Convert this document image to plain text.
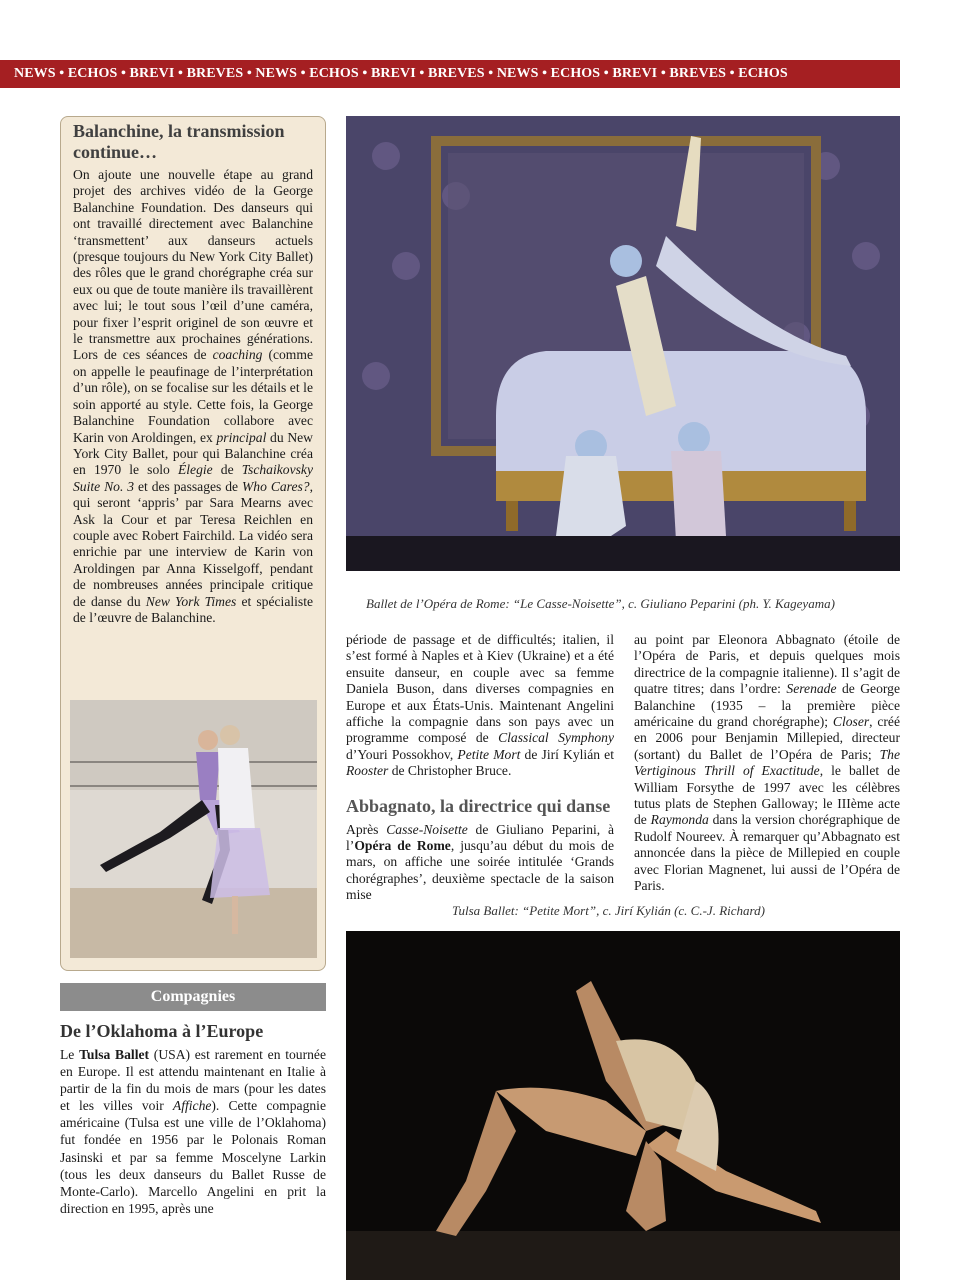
NEWS • ECHOS • BREVI • BREVES • NEWS • ECHOS • BREVI • BREVES • NEWS • ECHOS • BREVI • BREVES • ECHOS
Balanchine, la transmission continue…
On ajoute une nouvelle étape au grand projet des archives vidéo de la George Balanchine Foundation. Des danseurs qui ont travaillé directement avec Balanchine ‘transmettent’ aux danseurs actuels (presque toujours du New York City Ballet) des rôles que le grand chorégraphe créa sur eux ou que de toute manière ils travaillèrent avec lui; le tout sous l’œil d’une caméra, pour fixer l’esprit originel de son œuvre et le transmettre aux prochaines générations. Lors de ces séances de coaching (comme on appelle le peaufinage de l’interprétation d’un rôle), on se focalise sur les détails et le soin apporté au style. Cette fois, la George Balanchine Foundation collabore avec Karin von Aroldingen, ex principal du New York City Ballet, pour qui Balanchine créa en 1970 le solo Élegie de Tschaikovsky Suite No. 3 et des passages de Who Cares?, qui seront ‘appris’ par Sara Mearns avec Ask la Cour et par Teresa Reichlen en couple avec Robert Fairchild. La vidéo sera enrichie par une interview de Karin von Aroldingen par Anna Kisselgoff, pendant de nombreuses années principale critique de danse du New York Times et spécialiste de l’œuvre de Balanchine.
Compagnies
De l’Oklahoma à l’Europe
Le Tulsa Ballet (USA) est rarement en tournée en Europe. Il est attendu maintenant en Italie à partir de la fin du mois de mars (pour les dates et les villes voir Affiche). Cette compagnie américaine (Tulsa est une ville de l’Oklahoma) fut fondée en 1956 par le Polonais Roman Jasinski et par sa femme Moscelyne Larkin (tous les deux danseurs du Ballet Russe de Monte-Carlo). Marcello Angelini en prit la direction en 1995, après une
Ballet de l’Opéra de Rome: “Le Casse-Noisette”, c. Giuliano Peparini (ph. Y. Kageyama)
période de passage et de difficultés; italien, il s’est formé à Naples et à Kiev (Ukraine) et a été ensuite danseur, en couple avec sa femme Daniela Buson, dans diverses compagnies en Europe et aux États-Unis. Maintenant Angelini affiche la compagnie dans son pays avec un programme composé de Classical Symphony d’Youri Possokhov, Petite Mort de Jirí Kylián et Rooster de Christopher Bruce.
Abbagnato, la directrice qui danse
Après Casse-Noisette de Giuliano Peparini, à l’Opéra de Rome, jusqu’au début du mois de mars, on affiche une soirée intitulée ‘Grands chorégraphes’, deuxième spectacle de la saison mise
au point par Eleonora Abbagnato (étoile de l’Opéra de Paris, et depuis quelques mois directrice de la compagnie italienne). Il s’agit de quatre titres; dans l’ordre: Serenade de George Balanchine (1935 – la première pièce américaine du grand chorégraphe); Closer, créé en 2006 pour Benjamin Millepied, directeur (sortant) du Ballet de l’Opéra de Paris; The Vertiginous Thrill of Exactitude, le ballet de William Forsythe de 1997 avec les célèbres tutus plats de Stephen Galloway; le IIIème acte de Raymonda dans la version chorégraphique de Rudolf Noureev. À remarquer qu’Abbagnato est annoncée dans la pièce de Millepied en couple avec Florian Magnenet, lui aussi de l’Opéra de Paris.
Tulsa Ballet: “Petite Mort”, c. Jirí Kylián (c. C.-J. Richard)
